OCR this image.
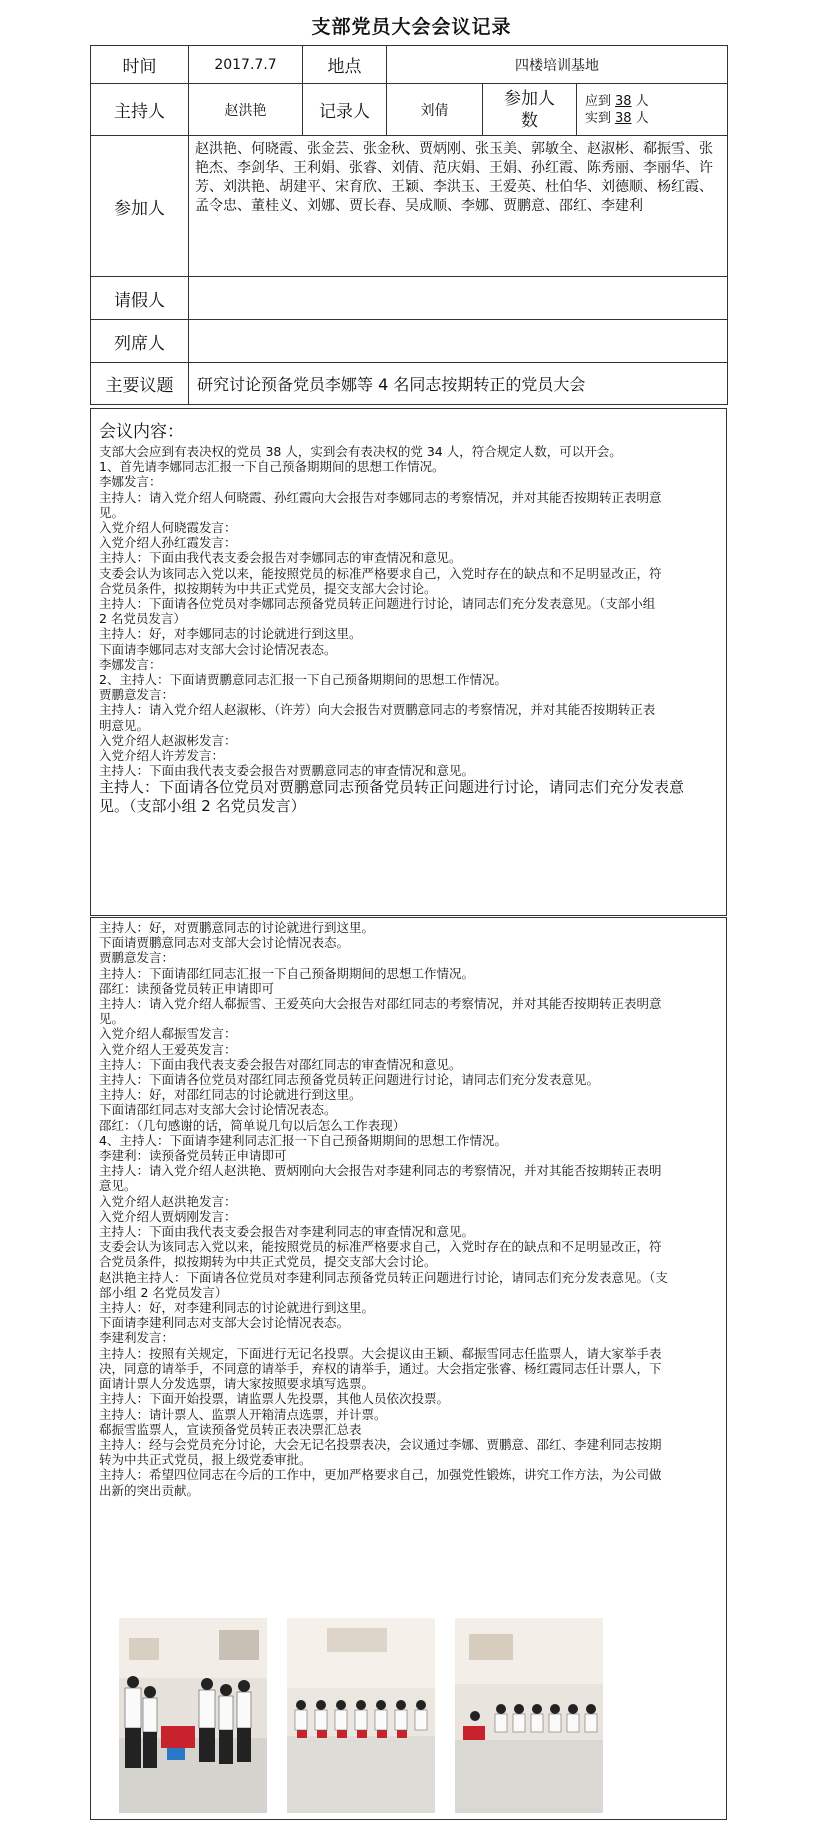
支部党员大会会议记录
时间	2017.7.7	地点	四楼培训基地		
主持人	赵洪艳	记录人	刘倩	参加人数	应到 38 人
实到 38 人

参加人	赵洪艳、何晓霞、张金芸、张金秋、贾炳刚、张玉美、郭敏全、赵淑彬、郗振雪、张艳杰、李剑华、王利娟、张睿、刘倩、范庆娟、王娟、孙红霞、陈秀丽、李丽华、许芳、刘洪艳、胡建平、宋育欣、王颖、李洪玉、王爱英、杜伯华、刘德顺、杨红霞、孟令忠、董桂义、刘娜、贾长春、吴成顺、李娜、贾鹏意、邵红、李建利				
请假人					
列席人					
主要议题	研究讨论预备党员李娜等 4 名同志按期转正的党员大会				
会议内容：

支部大会应到有表决权的党员 38 人，实到会有表决权的党 34 人，符合规定人数，可以开会。

1、首先请李娜同志汇报一下自己预备期期间的思想工作情况。

李娜发言：

主持人：请入党介绍人何晓霞、孙红霞向大会报告对李娜同志的考察情况，并对其能否按期转正表明意

见。

入党介绍人何晓霞发言：

入党介绍人孙红霞发言：

主持人：下面由我代表支委会报告对李娜同志的审查情况和意见。

支委会认为该同志入党以来，能按照党员的标准严格要求自己，入党时存在的缺点和不足明显改正，符

合党员条件，拟按期转为中共正式党员，提交支部大会讨论。

主持人：下面请各位党员对李娜同志预备党员转正问题进行讨论，请同志们充分发表意见。（支部小组

2 名党员发言）

主持人：好，对李娜同志的讨论就进行到这里。

下面请李娜同志对支部大会讨论情况表态。

李娜发言：

2、主持人：下面请贾鹏意同志汇报一下自己预备期期间的思想工作情况。

贾鹏意发言：

主持人：请入党介绍人赵淑彬、（许芳）向大会报告对贾鹏意同志的考察情况，并对其能否按期转正表

明意见。

入党介绍人赵淑彬发言：

入党介绍人许芳发言：

主持人：下面由我代表支委会报告对贾鹏意同志的审查情况和意见。

主持人：下面请各位党员对贾鹏意同志预备党员转正问题进行讨论，请同志们充分发表意

见。（支部小组 2 名党员发言）

主持人：好，对贾鹏意同志的讨论就进行到这里。

下面请贾鹏意同志对支部大会讨论情况表态。

贾鹏意发言：

主持人：下面请邵红同志汇报一下自己预备期期间的思想工作情况。

邵红：读预备党员转正申请即可

主持人：请入党介绍人郗振雪、王爱英向大会报告对邵红同志的考察情况，并对其能否按期转正表明意

见。

入党介绍人郗振雪发言：

入党介绍人王爱英发言：

主持人：下面由我代表支委会报告对邵红同志的审查情况和意见。

主持人：下面请各位党员对邵红同志预备党员转正问题进行讨论，请同志们充分发表意见。

主持人：好，对邵红同志的讨论就进行到这里。

下面请邵红同志对支部大会讨论情况表态。

邵红：（几句感谢的话，简单说几句以后怎么工作表现）

4、主持人：下面请李建利同志汇报一下自己预备期期间的思想工作情况。

李建利：读预备党员转正申请即可

主持人：请入党介绍人赵洪艳、贾炳刚向大会报告对李建利同志的考察情况，并对其能否按期转正表明

意见。

入党介绍人赵洪艳发言：

入党介绍人贾炳刚发言：

主持人：下面由我代表支委会报告对李建利同志的审查情况和意见。

支委会认为该同志入党以来，能按照党员的标准严格要求自己，入党时存在的缺点和不足明显改正，符

合党员条件，拟按期转为中共正式党员，提交支部大会讨论。

赵洪艳主持人：下面请各位党员对李建利同志预备党员转正问题进行讨论，请同志们充分发表意见。（支

部小组 2 名党员发言）

主持人：好，对李建利同志的讨论就进行到这里。

下面请李建利同志对支部大会讨论情况表态。

李建利发言：

主持人：按照有关规定，下面进行无记名投票。大会提议由王颖、郗振雪同志任监票人，请大家举手表

决，同意的请举手，不同意的请举手，弃权的请举手，通过。大会指定张睿、杨红霞同志任计票人，下

面请计票人分发选票，请大家按照要求填写选票。

主持人：下面开始投票，请监票人先投票，其他人员依次投票。

主持人：请计票人、监票人开箱清点选票，并计票。

郗振雪监票人，宣读预备党员转正表决票汇总表

主持人：经与会党员充分讨论，大会无记名投票表决，会议通过李娜、贾鹏意、邵红、李建利同志按期

转为中共正式党员，报上级党委审批。

主持人：希望四位同志在今后的工作中，更加严格要求自己，加强党性锻炼，讲究工作方法，为公司做

出新的突出贡献。
